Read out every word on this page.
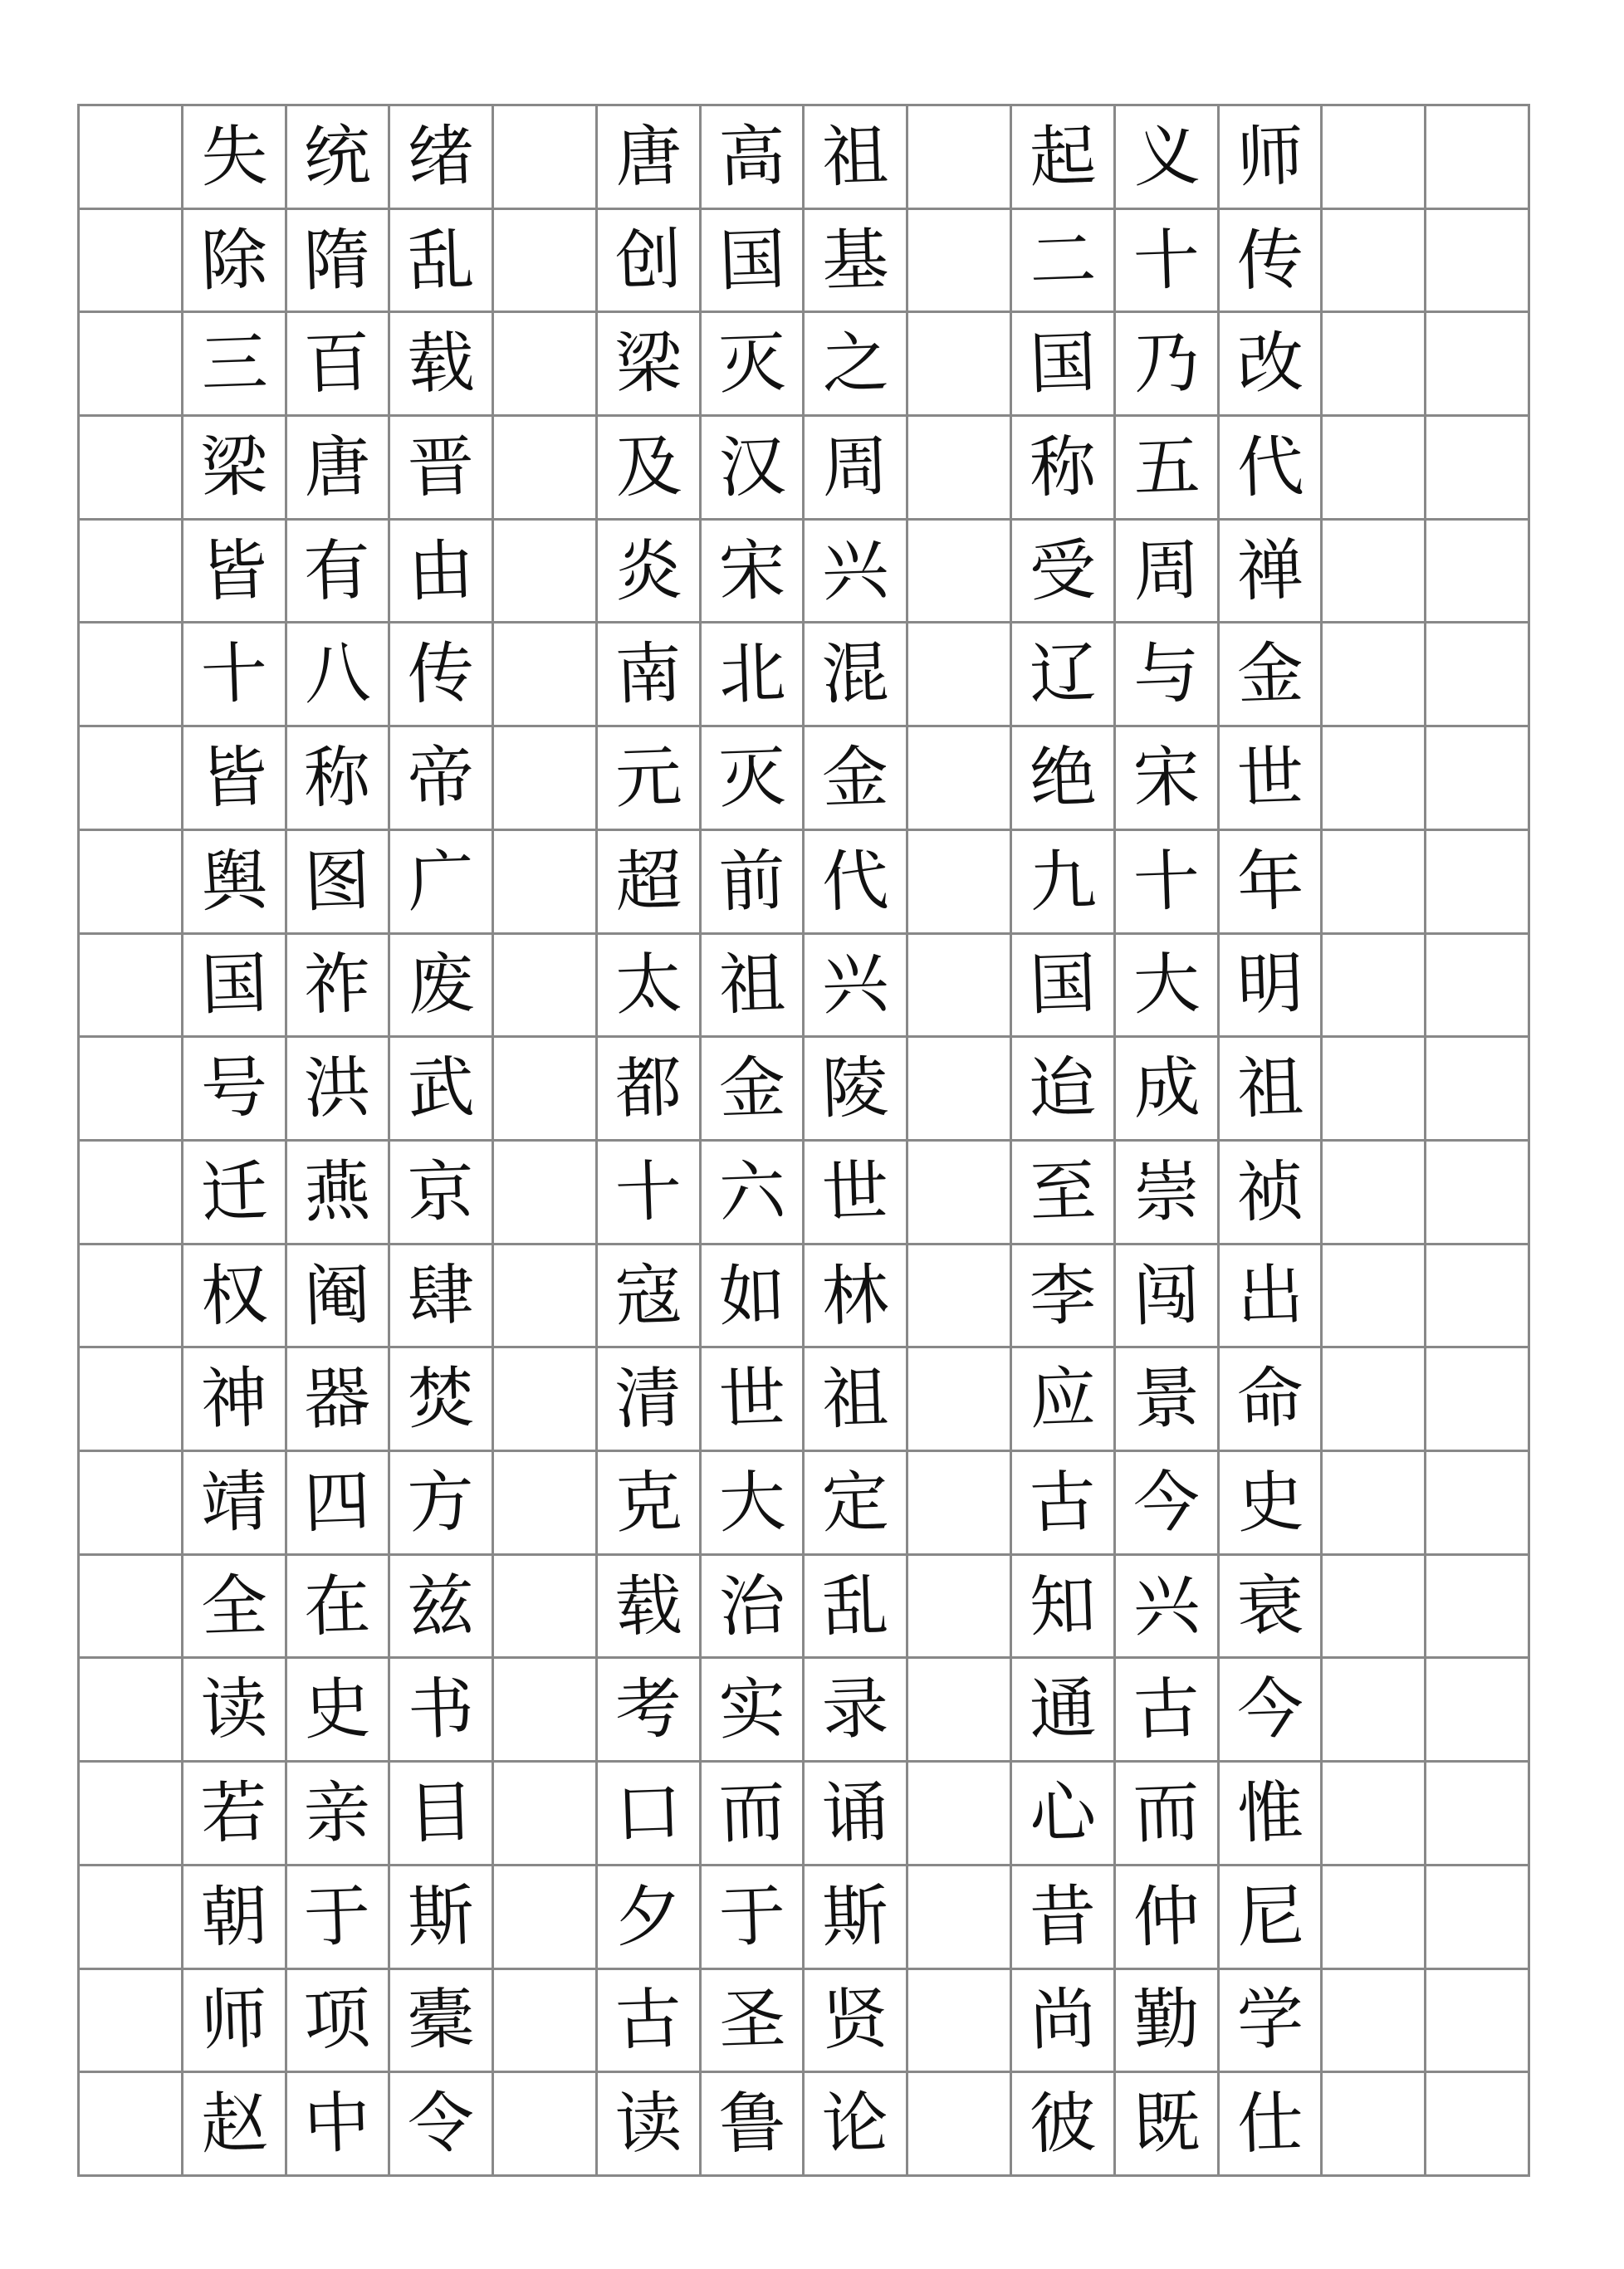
失 统 绪 唐 高 祖 起 义 师
除 隋 乱 创 国 基 二 十 传
三 百 载 梁 灭 之 国 乃 改
梁 唐 晋 及 汉 周 称 五 代
皆 有 由 炎 宋 兴 受 周 禅
十 八 传 南 北 混 辽 与 金
皆 称 帝 元 灭 金 绝 宋 世
舆 图 广 超 前 代 九 十 年
国 祚 废 太 祖 兴 国 大 明
号 洪 武 都 金 陵 迨 成 祖
迁 燕 京 十 六 世 至 崇 祯
权 阉 肆 寇 如 林 李 闯 出
神 器 焚 清 世 祖 应 景 命
靖 四 方 克 大 定 古 今 史
全 在 兹 载 治 乱 知 兴 衰
读 史 书 考 实 录 通 古 今
若 亲 目 口 而 诵 心 而 惟
朝 于 斯 夕 于 斯 昔 仲 尼
师 项 橐 古 圣 贤 尚 勤 学
赵 中 令 读 鲁 论 彼 既 仕
